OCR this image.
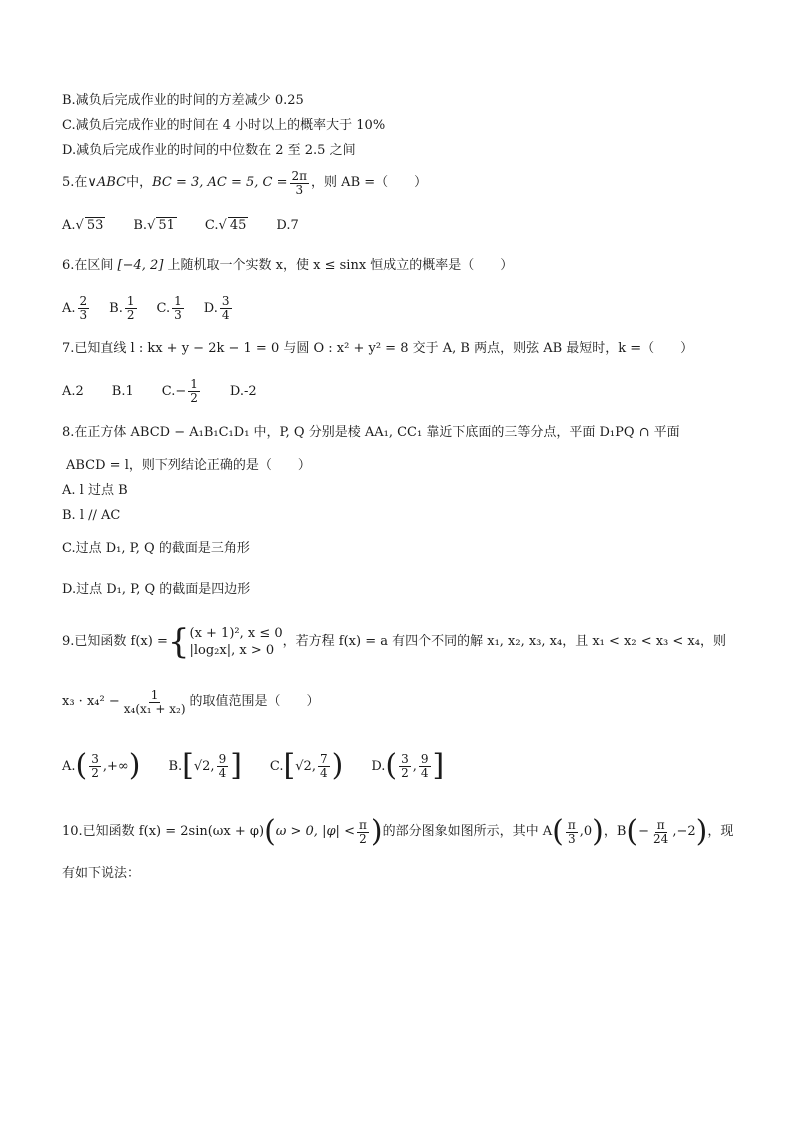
B.减负后完成作业的时间的方差减少 0.25
C.减负后完成作业的时间在 4 小时以上的概率大于 10%
D.减负后完成作业的时间的中位数在 2 至 2.5 之间
5.在 ∨ABC 中， BC = 3, AC = 5, $C = \frac{2\pi}{3}$ ，则 AB =（　　）
A. √ 53 B. √ 51 C. √ 45 D.7
6.在区间 [−4, 2] 上随机取一个实数 x，使 x ≤ sinx 恒成立的概率是（　　）
A. $\frac{2}{3} B$. $\frac{1}{2} C$. $\frac{1}{3} D$. $\frac{3}{4}$
7.已知直线 l : kx + y − 2k − 1 = 0 与圆 O : x² + y² = 8 交于 A, B 两点，则弦 AB 最短时，k =（　　）
A.2 B.1 $C.- \frac{1}{2} D.-2$
8.在正方体 ABCD − A₁B₁C₁D₁ 中，P, Q 分别是棱 AA₁, CC₁ 靠近下底面的三等分点，平面 D₁PQ ∩ 平面
ABCD = l，则下列结论正确的是（　　）
A. l 过点 B
B. l // AC
C.过点 D₁, P, Q 的截面是三角形
D.过点 D₁, P, Q 的截面是四边形
9.已知函数 f(x) = { (x + 1)², x ≤ 0
|log₂x|, x > 0
，若方程 f(x) = a 有四个不同的解 x₁, x₂, x₃, x₄，且 x₁ < x₂ < x₃ < x₄，则
$x_3 \cdot x_4^2 - \frac{1}{\text{x₄(x₁ + x₂)}}$ 的取值范围是（　　）
A. ( $\frac{3}{2}$ ,+∞ ) B. [ √2, $\frac{9}{4}$ ] C. [ √2, $\frac{7}{4}$ ) D. ( $\frac{3}{2}$ , $\frac{9}{4}$ ]
10.已知函数 f(x) = 2sin(ωx + φ) ( ω > 0, $|\varphi| < \frac{\pi}{2}$ ) 的部分图象如图所示，其中 A ( $\frac{\pi}{3} ,0$ ) ，B ( − $\frac{\pi}{24} ,-2$ ) ，现
有如下说法：
